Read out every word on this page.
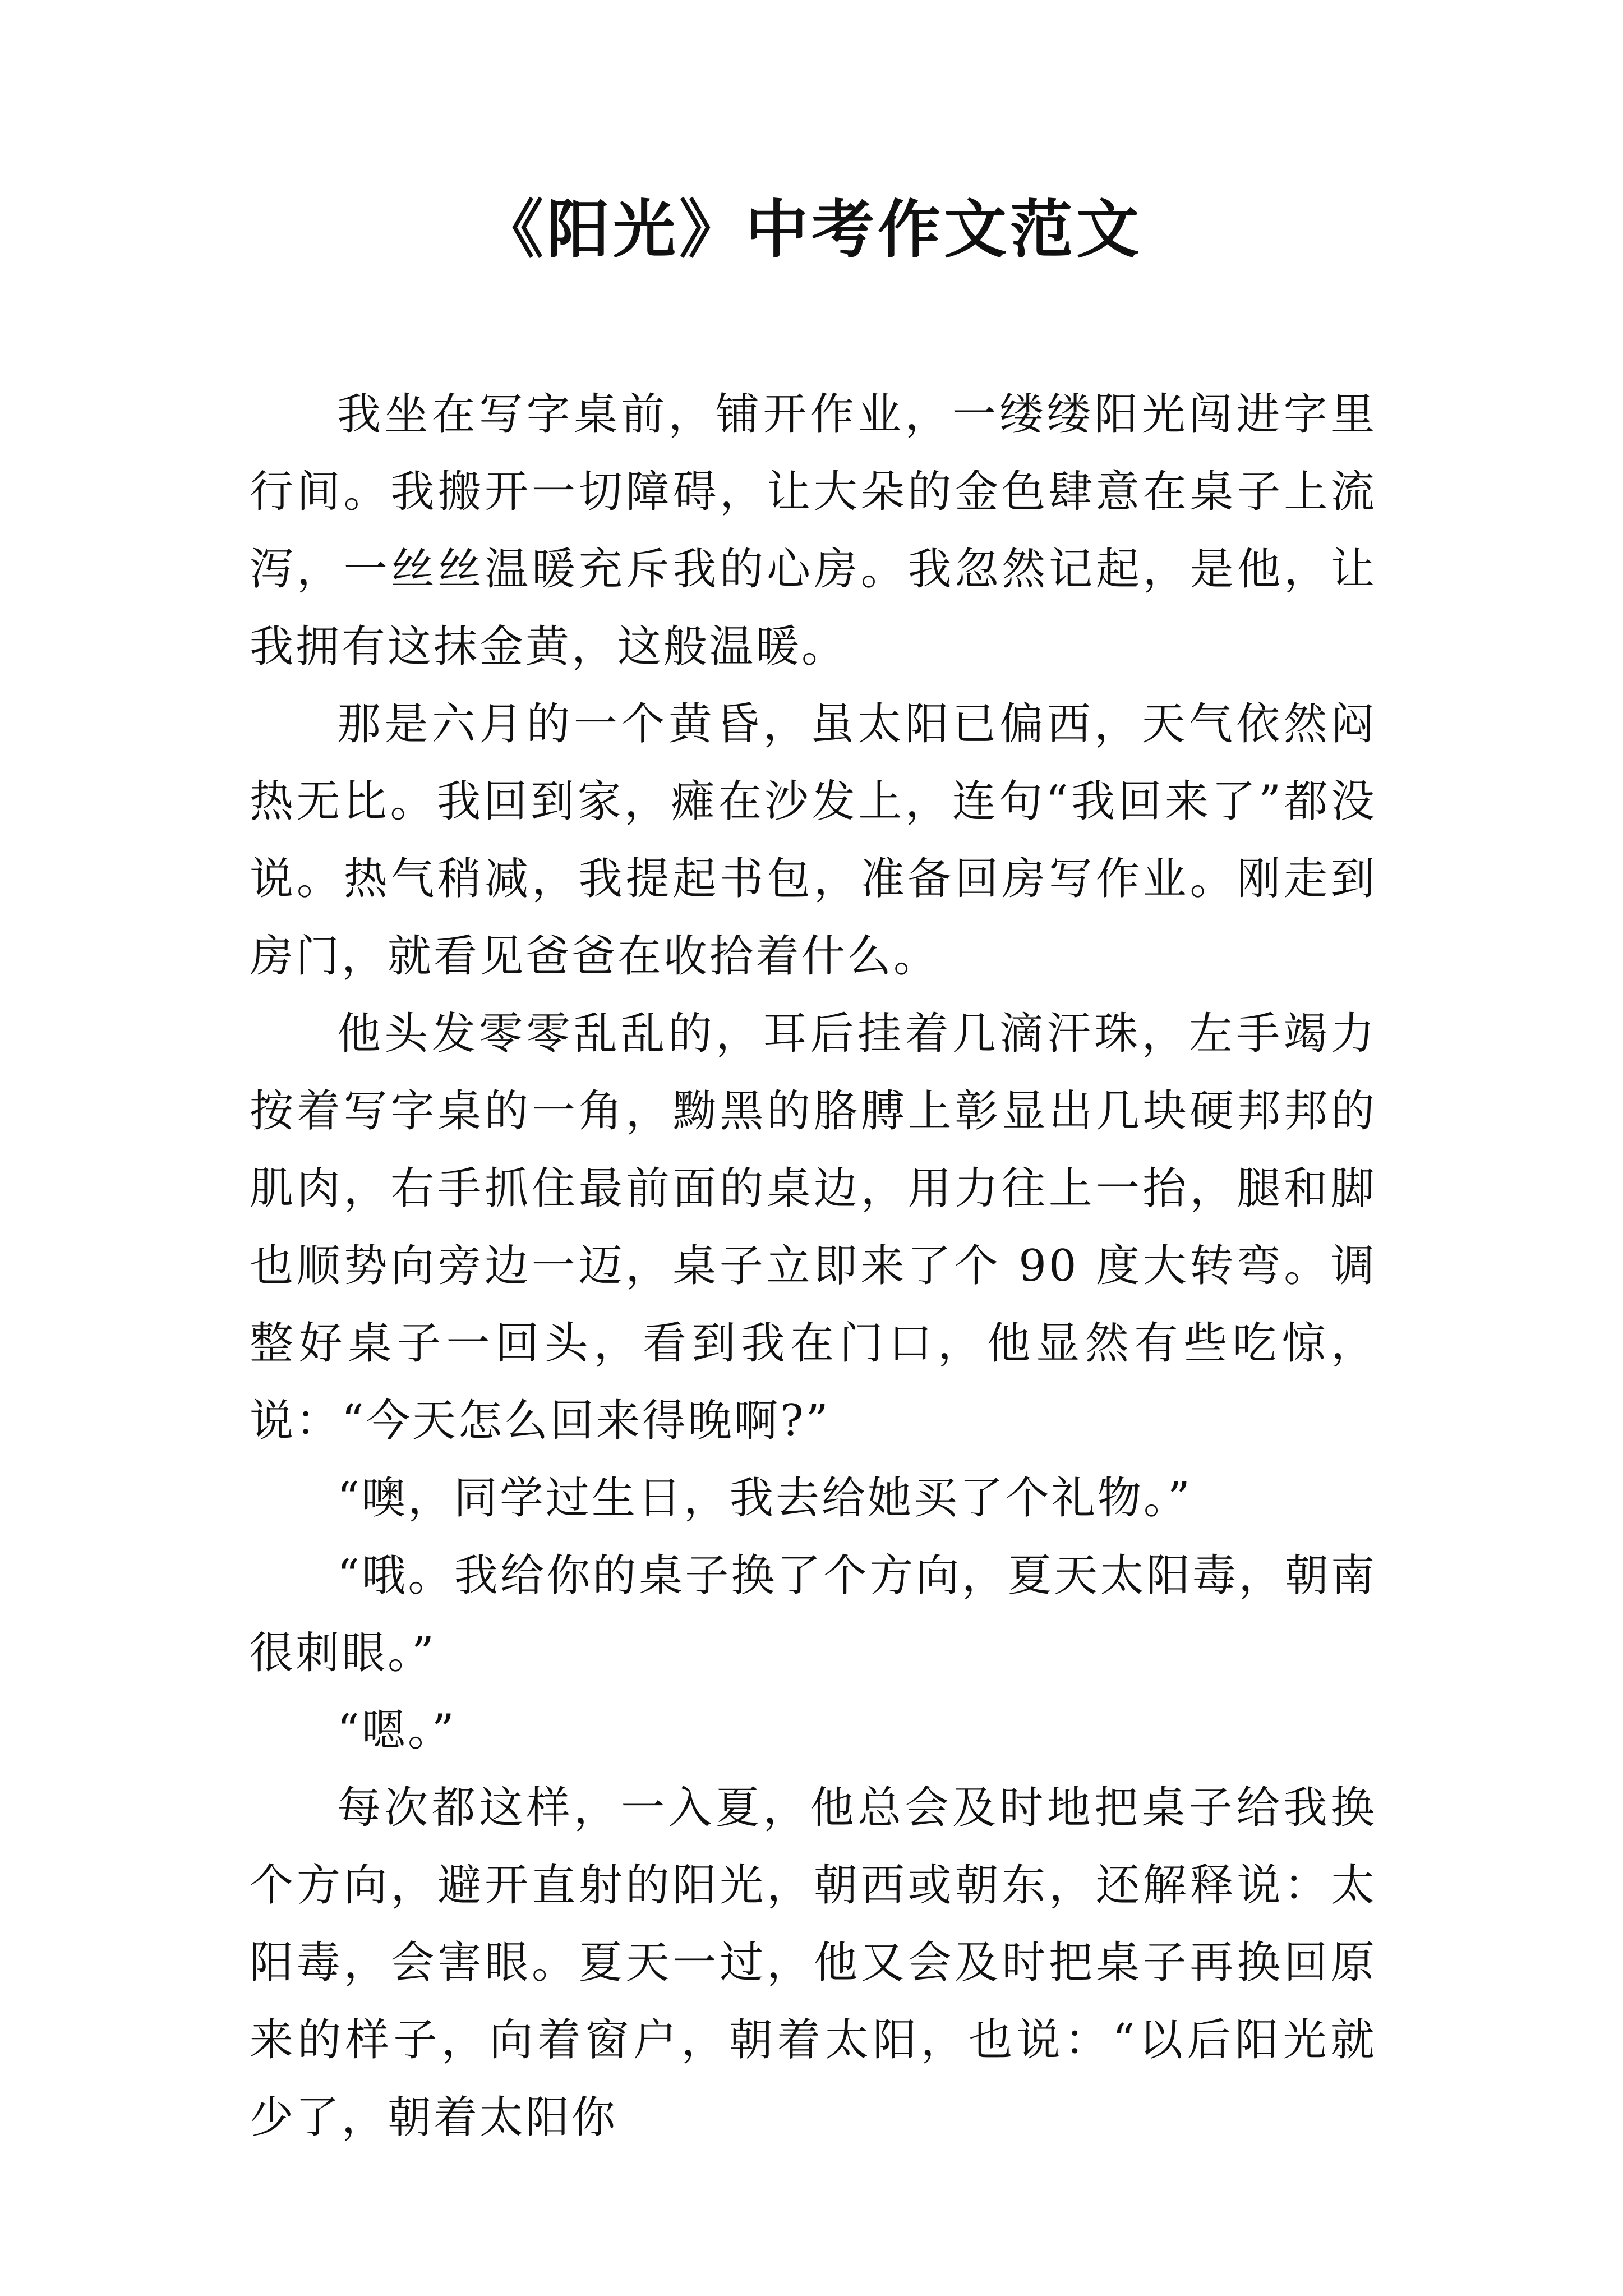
《阳光》中考作文范文

我坐在写字桌前，铺开作业，一缕缕阳光闯进字里行间。我搬开一切障碍，让大朵的金色肆意在桌子上流泻，一丝丝温暖充斥我的心房。我忽然记起，是他，让我拥有这抹金黄，这般温暖。

那是六月的一个黄昏，虽太阳已偏西，天气依然闷热无比。我回到家，瘫在沙发上，连句“我回来了”都没说。热气稍减，我提起书包，准备回房写作业。刚走到房门，就看见爸爸在收拾着什么。

他头发零零乱乱的，耳后挂着几滴汗珠，左手竭力按着写字桌的一角，黝黑的胳膊上彰显出几块硬邦邦的肌肉，右手抓住最前面的桌边，用力往上一抬，腿和脚也顺势向旁边一迈，桌子立即来了个 90 度大转弯。调整好桌子一回头，看到我在门口，他显然有些吃惊，说：“今天怎么回来得晚啊?”

“噢，同学过生日，我去给她买了个礼物。”

“哦。我给你的桌子换了个方向，夏天太阳毒，朝南很刺眼。”

“嗯。”

每次都这样，一入夏，他总会及时地把桌子给我换个方向，避开直射的阳光，朝西或朝东，还解释说：太阳毒，会害眼。夏天一过，他又会及时把桌子再换回原来的样子，向着窗户，朝着太阳，也说：“以后阳光就少了，朝着太阳你
